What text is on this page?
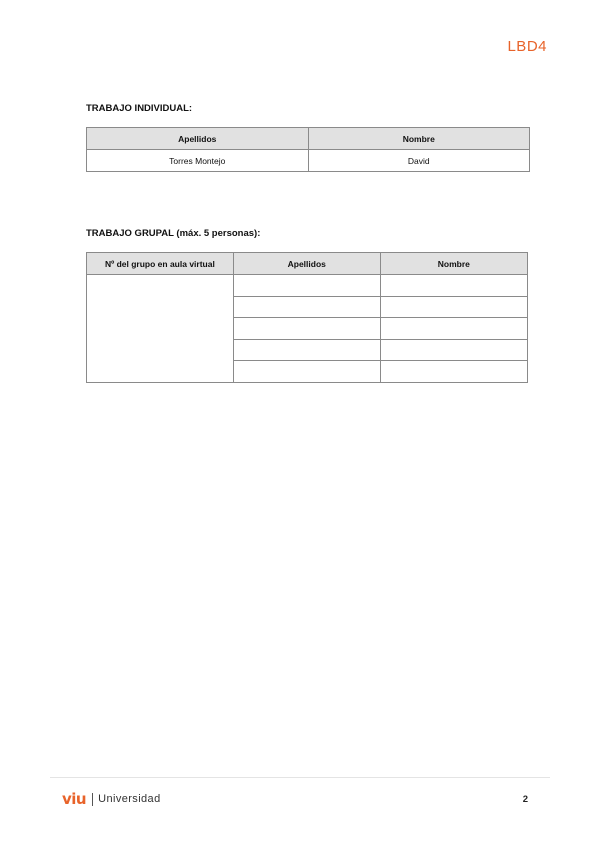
LBD4
TRABAJO INDIVIDUAL:
Apellidos	Nombre
Torres Montejo	David
TRABAJO GRUPAL (máx. 5 personas):
Nº del grupo en aula virtual	Apellidos	Nombre

viu Universidad	2
